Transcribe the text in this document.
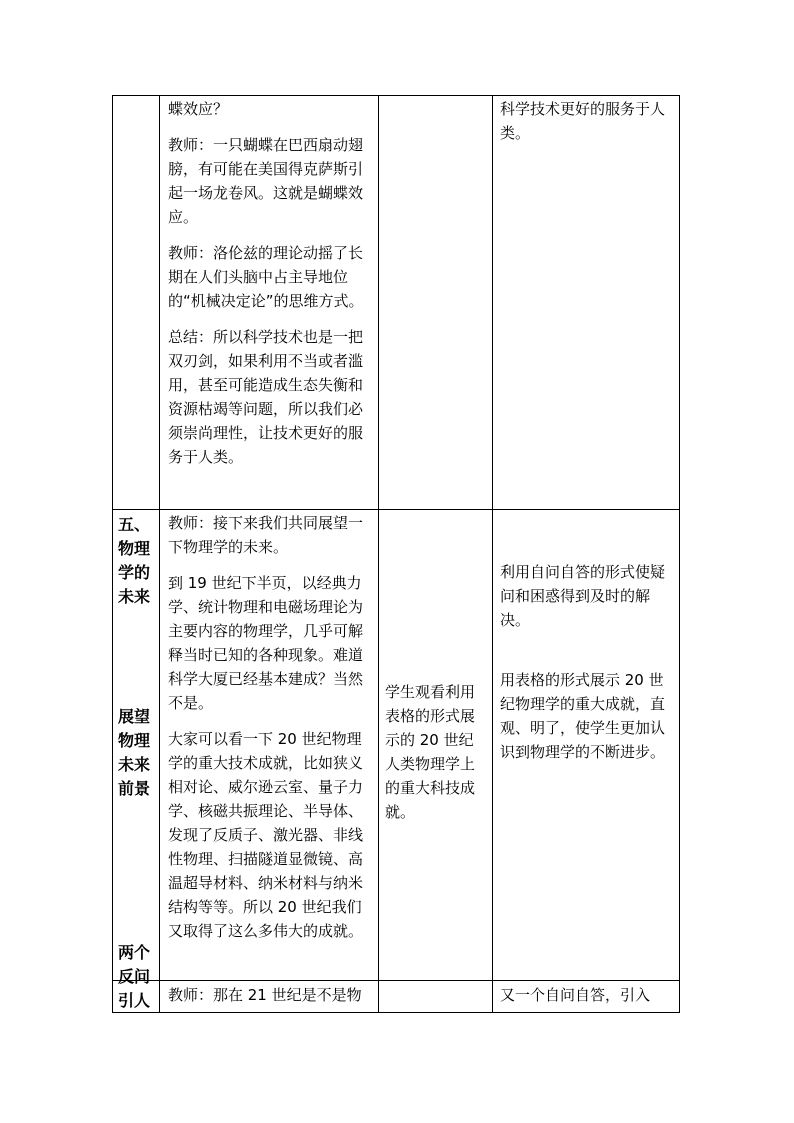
蝶效应？

教师：一只蝴蝶在巴西扇动翅膀，有可能在美国得克萨斯引起一场龙卷风。这就是蝴蝶效应。

教师：洛伦兹的理论动摇了长期在人们头脑中占主导地位的“机械决定论”的思维方式。

总结：所以科学技术也是一把双刃剑，如果利用不当或者滥用，甚至可能造成生态失衡和资源枯竭等问题，所以我们必须崇尚理性，让技术更好的服务于人类。

科学技术更好的服务于人类。

五、
物理
学的
未来
展望
物理
未来
前景
两个
反问
引人

教师：接下来我们共同展望一下物理学的未来。

到 19 世纪下半页，以经典力学、统计物理和电磁场理论为主要内容的物理学，几乎可解释当时已知的各种现象。难道科学大厦已经基本建成？当然不是。

大家可以看一下 20 世纪物理学的重大技术成就，比如狭义相对论、威尔逊云室、量子力学、核磁共振理论、半导体、发现了反质子、激光器、非线性物理、扫描隧道显微镜、高温超导材料、纳米材料与纳米结构等等。所以 20 世纪我们又取得了这么多伟大的成就。

学生观看利用表格的形式展示的 20 世纪人类物理学上的重大科技成就。

利用自问自答的形式使疑问和困惑得到及时的解决。

用表格的形式展示 20 世纪物理学的重大成就，直观、明了，使学生更加认识到物理学的不断进步。

教师：那在 21 世纪是不是物	又一个自问自答，引入
